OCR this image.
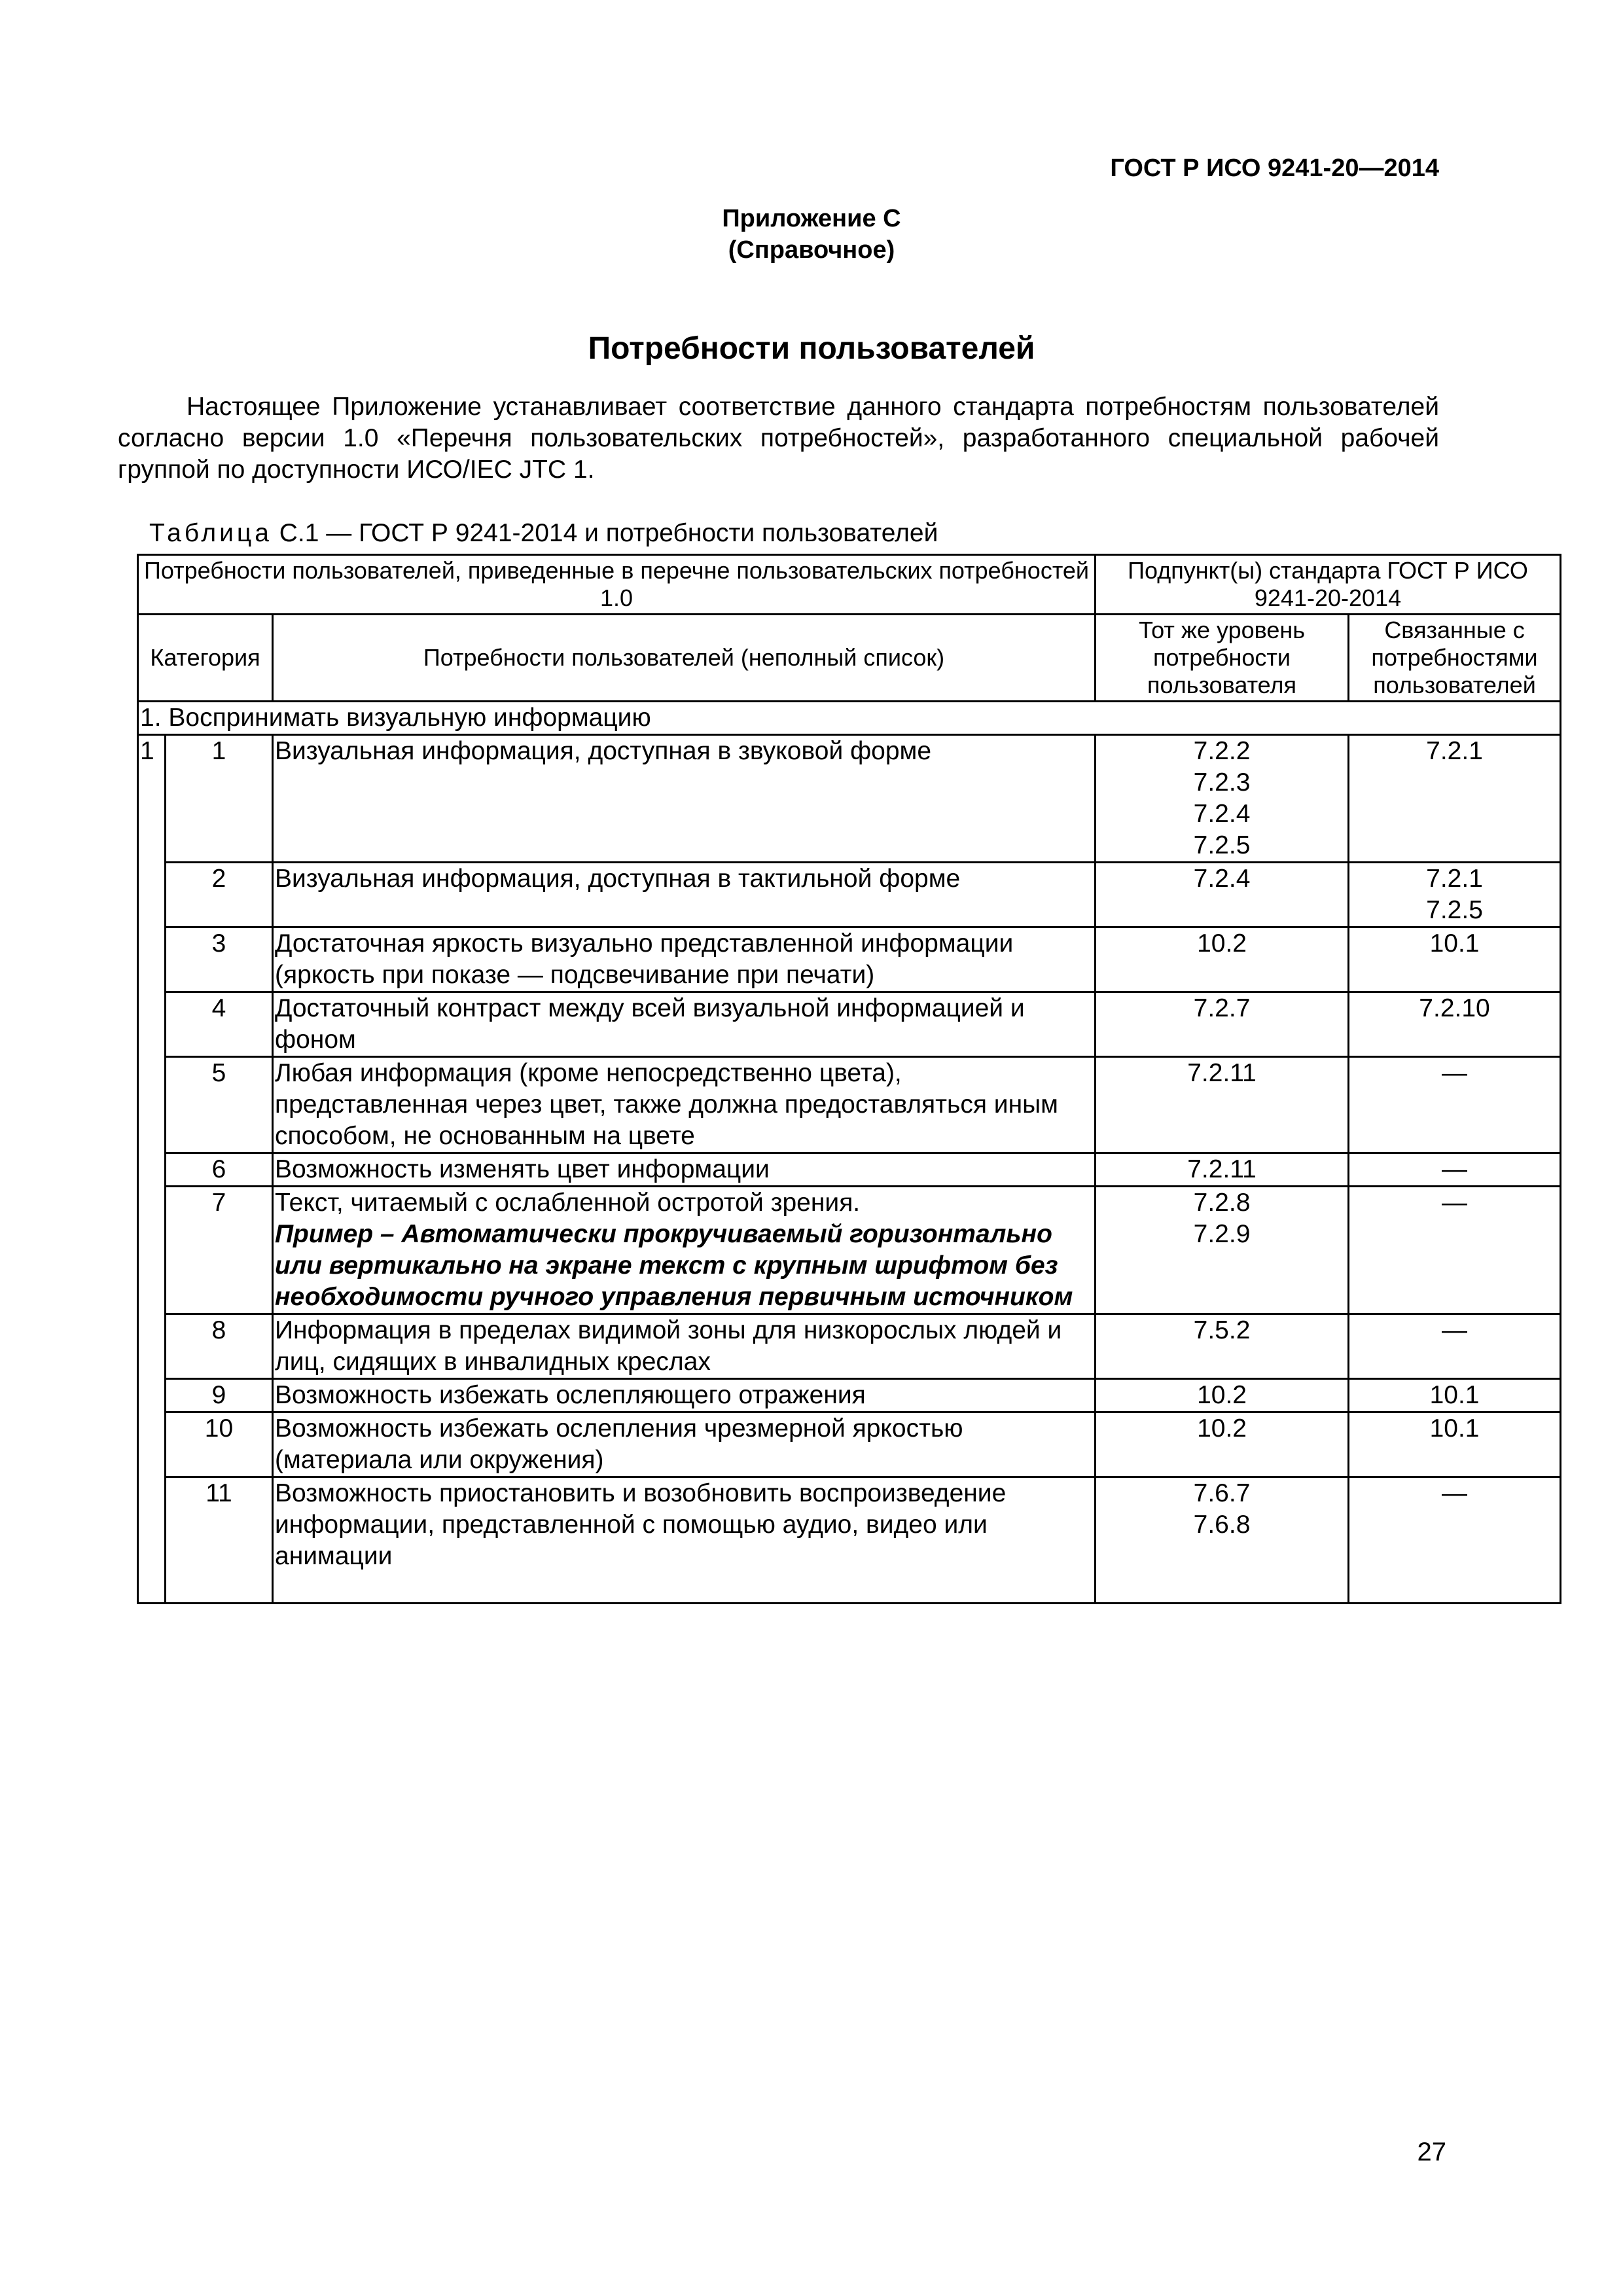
ГОСТ Р ИСО 9241-20—2014
Приложение С
(Справочное)
Потребности пользователей
Настоящее Приложение устанавливает соответствие данного стандарта потребностям пользователей согласно версии 1.0 «Перечня пользовательских потребностей», разработанного специальной рабочей группой по доступности ИСО/IEC JTC 1.
Таблица С.1 — ГОСТ Р 9241-2014 и потребности пользователей
Потребности пользователей, приведенные в перечне пользовательских потребностей 1.0			Подпункт(ы) стандарта ГОСТ Р ИСО 9241-20-2014	
Категория		Потребности пользователей (неполный список)	Тот же уровень потребности пользователя	Связанные с потребностями пользователей
1. Воспринимать визуальную информацию				
1	1	Визуальная информация, доступная в звуковой форме	7.2.2
7.2.3
7.2.4
7.2.5	7.2.1

	2	Визуальная информация, доступная в тактильной форме	7.2.4	7.2.1
7.2.5

	3	Достаточная яркость визуально представленной информации (яркость при показе — подсвечивание при печати)	10.2	10.1

	4	Достаточный контраст между всей визуальной информацией и фоном	7.2.7	7.2.10

	5	Любая информация (кроме непосредственно цвета), представленная через цвет, также должна предоставляться иным способом, не основанным на цвете	7.2.11	—

	6	Возможность изменять цвет информации	7.2.11	—

	7	Текст, читаемый с ослабленной остротой зрения.
Пример – Автоматически прокручиваемый горизонтально или вертикально на экране текст с крупным шрифтом без необходимости ручного управления первичным источником	7.2.8
7.2.9	—

	8	Информация в пределах видимой зоны для низкорослых людей и лиц, сидящих в инвалидных креслах	7.5.2	—

	9	Возможность избежать ослепляющего отражения	10.2	10.1

	10	Возможность избежать ослепления чрезмерной яркостью (материала или окружения)	10.2	10.1

	11	Возможность приостановить и возобновить воспроизведение информации, представленной с помощью аудио, видео или анимации	7.6.7
7.6.8	—
27
